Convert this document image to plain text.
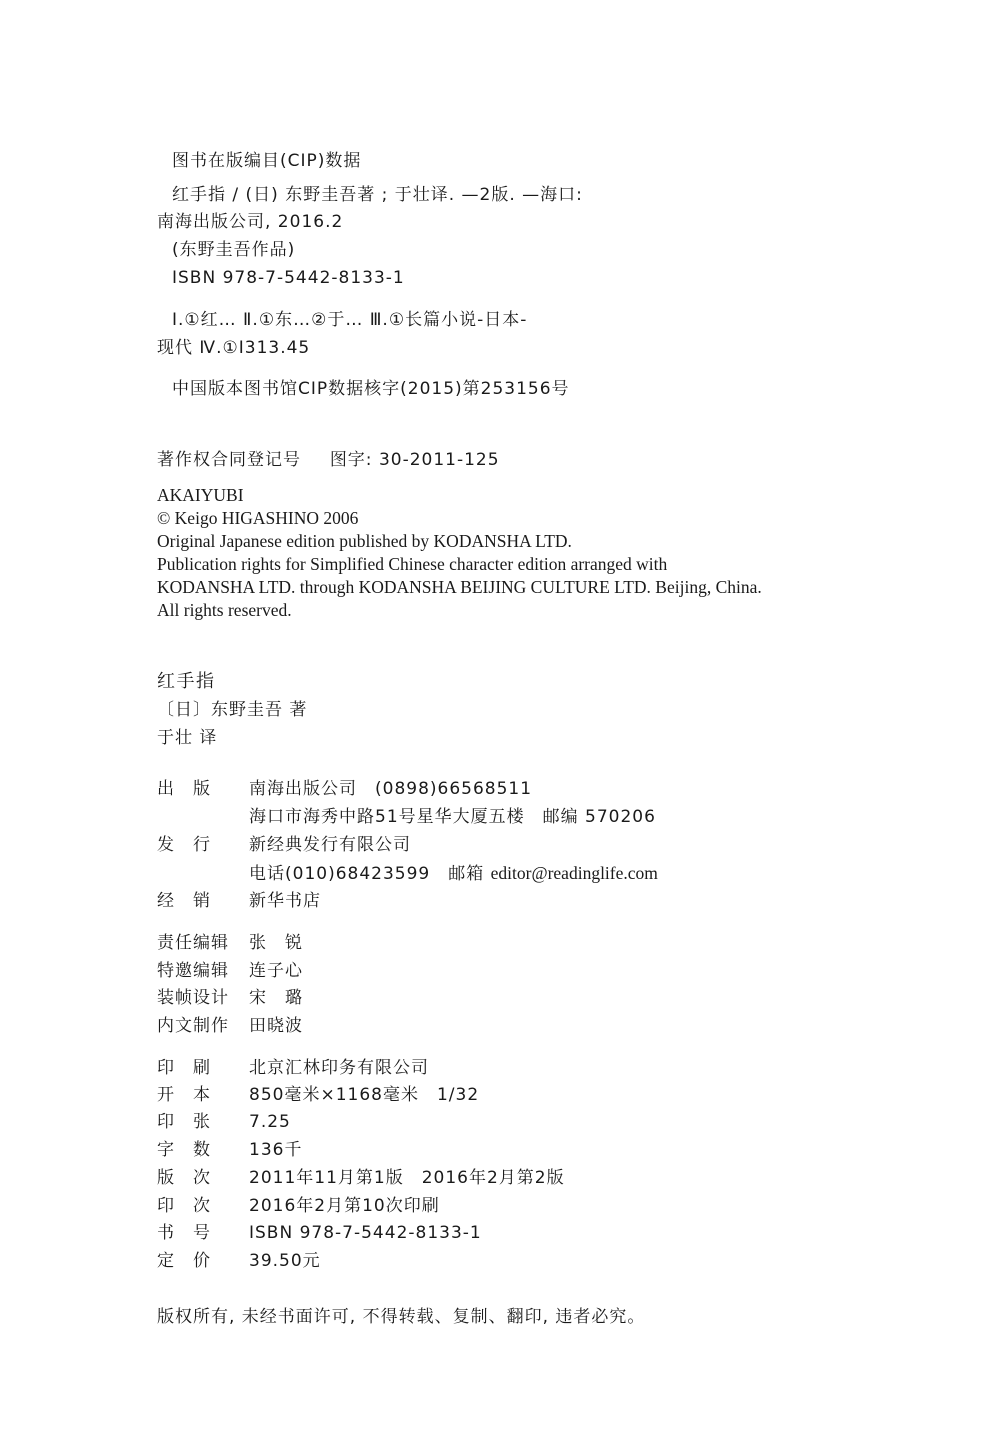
图书在版编目(CIP)数据
红手指 / (日) 东野圭吾著 ; 于壮译. —2版. —海口:
南海出版公司, 2016.2
(东野圭吾作品)
ISBN 978-7-5442-8133-1
Ⅰ.①红… Ⅱ.①东…②于… Ⅲ.①长篇小说-日本-
现代 Ⅳ.①I313.45
中国版本图书馆CIP数据核字(2015)第253156号
著作权合同登记号 图字: 30-2011-125
AKAIYUBI
© Keigo HIGASHINO 2006
Original Japanese edition published by KODANSHA LTD.
Publication rights for Simplified Chinese character edition arranged with
KODANSHA LTD. through KODANSHA BEIJING CULTURE LTD. Beijing, China.
All rights reserved.
红手指
〔日〕东野圭吾 著
于壮 译
出　版 南海出版公司　(0898)66568511
海口市海秀中路51号星华大厦五楼　邮编 570206
发　行 新经典发行有限公司
电话(010)68423599　邮箱 editor@readinglife.com
经　销 新华书店
责任编辑 张　锐
特邀编辑 连子心
装帧设计 宋　璐
内文制作 田晓波
印　刷 北京汇林印务有限公司
开　本 850毫米×1168毫米　1/32
印　张 7.25
字　数 136千
版　次 2011年11月第1版　2016年2月第2版
印　次 2016年2月第10次印刷
书　号 ISBN 978-7-5442-8133-1
定　价 39.50元
版权所有, 未经书面许可, 不得转载、复制、翻印, 违者必究。
